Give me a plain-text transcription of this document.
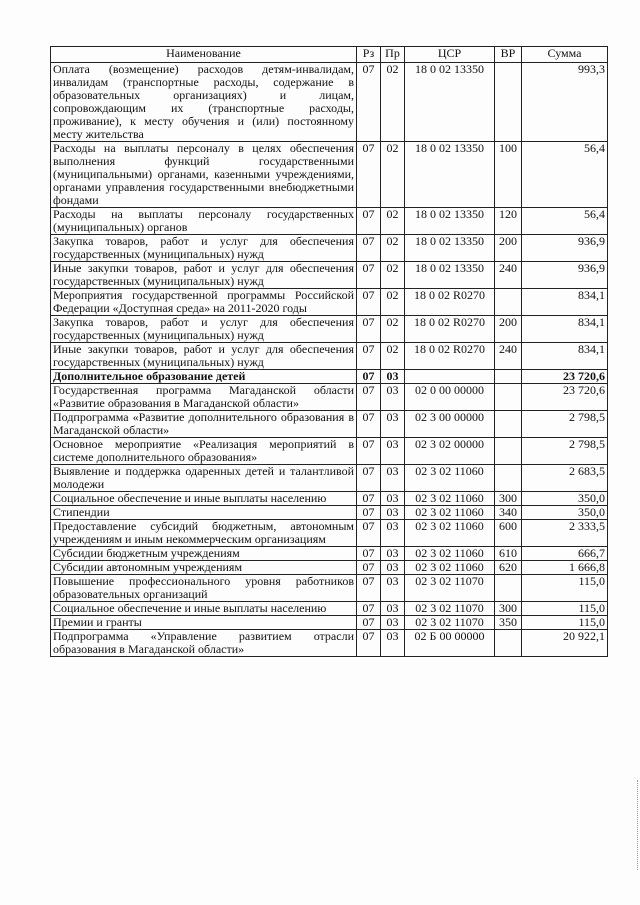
Наименование	Рз	Пр	ЦСР	ВР	Сумма
Оплата (возмещение) расходов детям-инвалидам, инвалидам (транспортные расходы, содержание в образовательных организациях) и лицам, сопровождающим их (транспортные расходы, проживание), к месту обучения и (или) постоянному месту жительства	07	02	18 0 02 13350		993,3
Расходы на выплаты персоналу в целях обеспечения выполнения функций государственными (муниципальными) органами, казенными учреждениями, органами управления государственными внебюджетными фондами	07	02	18 0 02 13350	100	56,4
Расходы на выплаты персоналу государственных (муниципальных) органов	07	02	18 0 02 13350	120	56,4
Закупка товаров, работ и услуг для обеспечения государственных (муниципальных) нужд	07	02	18 0 02 13350	200	936,9
Иные закупки товаров, работ и услуг для обеспечения государственных (муниципальных) нужд	07	02	18 0 02 13350	240	936,9
Мероприятия государственной программы Российской Федерации «Доступная среда» на 2011-2020 годы	07	02	18 0 02 R0270		834,1
Закупка товаров, работ и услуг для обеспечения государственных (муниципальных) нужд	07	02	18 0 02 R0270	200	834,1
Иные закупки товаров, работ и услуг для обеспечения государственных (муниципальных) нужд	07	02	18 0 02 R0270	240	834,1
Дополнительное образование детей	07	03			23 720,6
Государственная программа Магаданской области «Развитие образования в Магаданской области»	07	03	02 0 00 00000		23 720,6
Подпрограмма «Развитие дополнительного образования в Магаданской области»	07	03	02 3 00 00000		2 798,5
Основное мероприятие «Реализация мероприятий в системе дополнительного образования»	07	03	02 3 02 00000		2 798,5
Выявление и поддержка одаренных детей и талантливой молодежи	07	03	02 3 02 11060		2 683,5
Социальное обеспечение и иные выплаты населению	07	03	02 3 02 11060	300	350,0
Стипендии	07	03	02 3 02 11060	340	350,0
Предоставление субсидий бюджетным, автономным учреждениям и иным некоммерческим организациям	07	03	02 3 02 11060	600	2 333,5
Субсидии бюджетным учреждениям	07	03	02 3 02 11060	610	666,7
Субсидии автономным учреждениям	07	03	02 3 02 11060	620	1 666,8
Повышение профессионального уровня работников образовательных организаций	07	03	02 3 02 11070		115,0
Социальное обеспечение и иные выплаты населению	07	03	02 3 02 11070	300	115,0
Премии и гранты	07	03	02 3 02 11070	350	115,0
Подпрограмма «Управление развитием отрасли образования в Магаданской области»	07	03	02 Б 00 00000		20 922,1
